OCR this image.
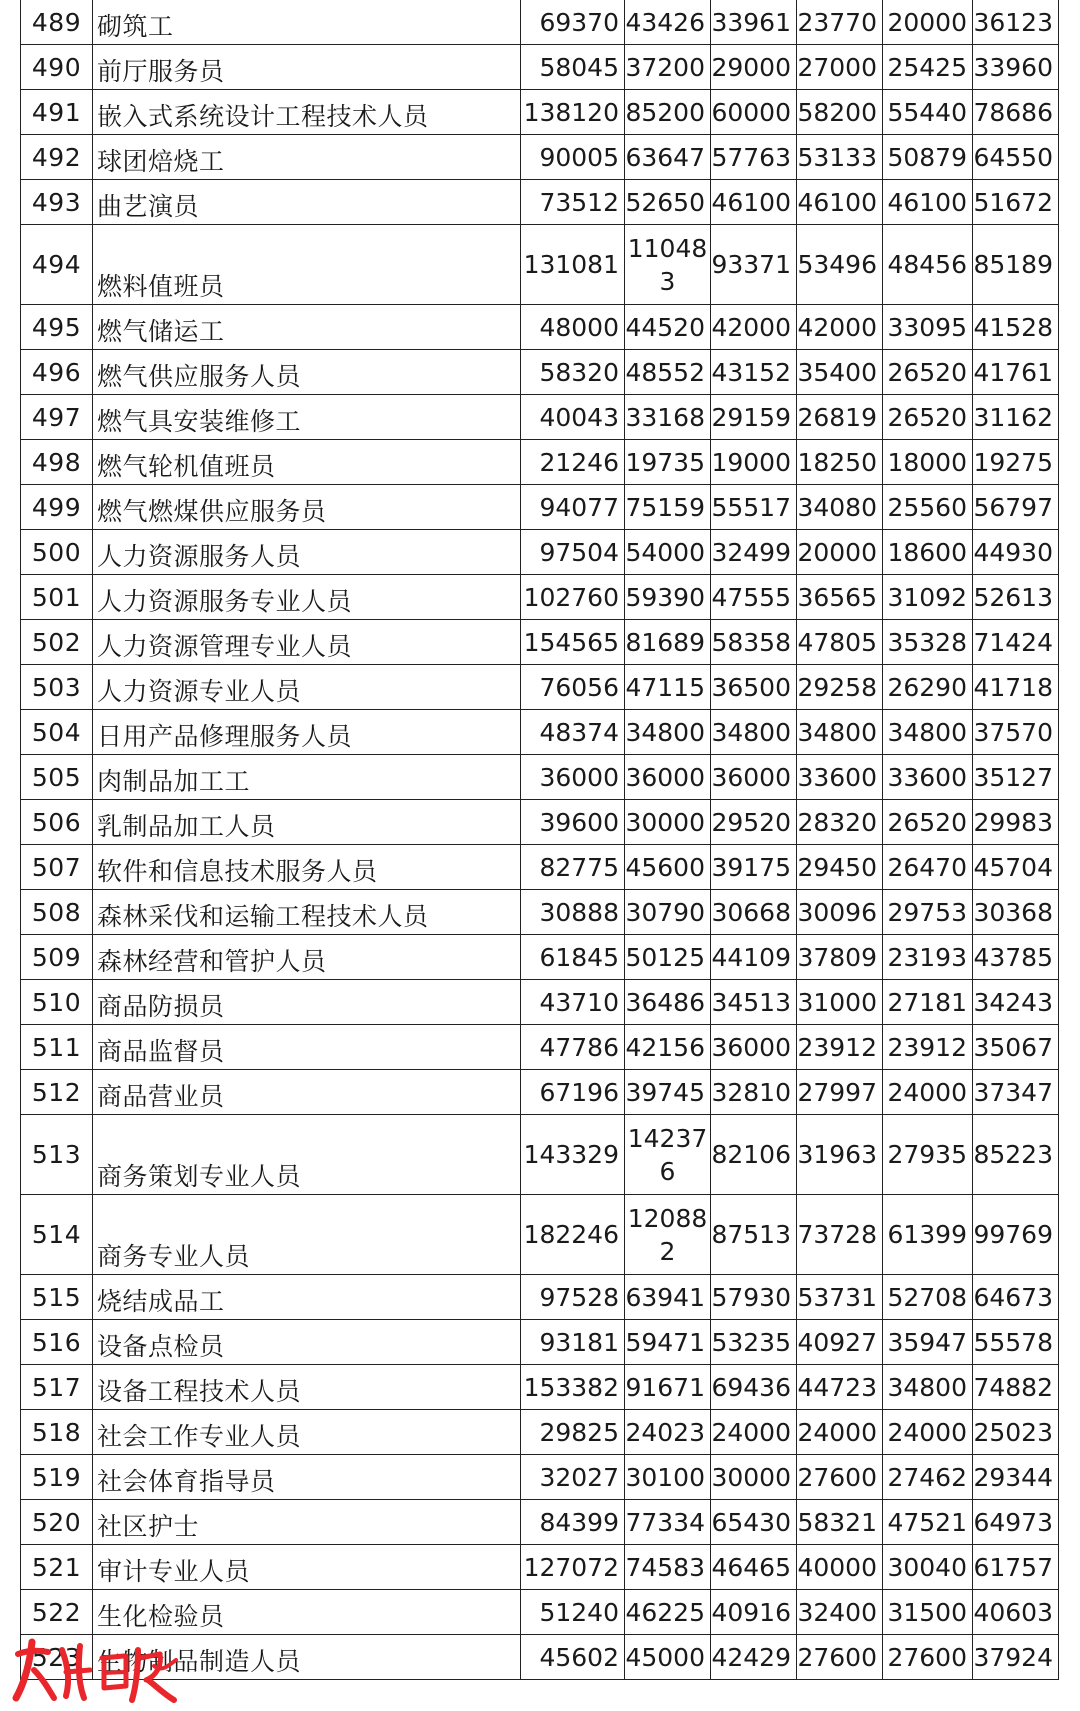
489	砌筑工	69370	43426	33961	23770	20000	36123
490	前厅服务员	58045	37200	29000	27000	25425	33960
491	嵌入式系统设计工程技术人员	138120	85200	60000	58200	55440	78686
492	球团焙烧工	90005	63647	57763	53133	50879	64550
493	曲艺演员	73512	52650	46100	46100	46100	51672
494	燃料值班员	131081	110483	93371	53496	48456	85189
495	燃气储运工	48000	44520	42000	42000	33095	41528
496	燃气供应服务人员	58320	48552	43152	35400	26520	41761
497	燃气具安装维修工	40043	33168	29159	26819	26520	31162
498	燃气轮机值班员	21246	19735	19000	18250	18000	19275
499	燃气燃煤供应服务员	94077	75159	55517	34080	25560	56797
500	人力资源服务人员	97504	54000	32499	20000	18600	44930
501	人力资源服务专业人员	102760	59390	47555	36565	31092	52613
502	人力资源管理专业人员	154565	81689	58358	47805	35328	71424
503	人力资源专业人员	76056	47115	36500	29258	26290	41718
504	日用产品修理服务人员	48374	34800	34800	34800	34800	37570
505	肉制品加工工	36000	36000	36000	33600	33600	35127
506	乳制品加工人员	39600	30000	29520	28320	26520	29983
507	软件和信息技术服务人员	82775	45600	39175	29450	26470	45704
508	森林采伐和运输工程技术人员	30888	30790	30668	30096	29753	30368
509	森林经营和管护人员	61845	50125	44109	37809	23193	43785
510	商品防损员	43710	36486	34513	31000	27181	34243
511	商品监督员	47786	42156	36000	23912	23912	35067
512	商品营业员	67196	39745	32810	27997	24000	37347
513	商务策划专业人员	143329	142376	82106	31963	27935	85223
514	商务专业人员	182246	120882	87513	73728	61399	99769
515	烧结成品工	97528	63941	57930	53731	52708	64673
516	设备点检员	93181	59471	53235	40927	35947	55578
517	设备工程技术人员	153382	91671	69436	44723	34800	74882
518	社会工作专业人员	29825	24023	24000	24000	24000	25023
519	社会体育指导员	32027	30100	30000	27600	27462	29344
520	社区护士	84399	77334	65430	58321	47521	64973
521	审计专业人员	127072	74583	46465	40000	30040	61757
522	生化检验员	51240	46225	40916	32400	31500	40603
523	生物制品制造人员	45602	45000	42429	27600	27600	37924
